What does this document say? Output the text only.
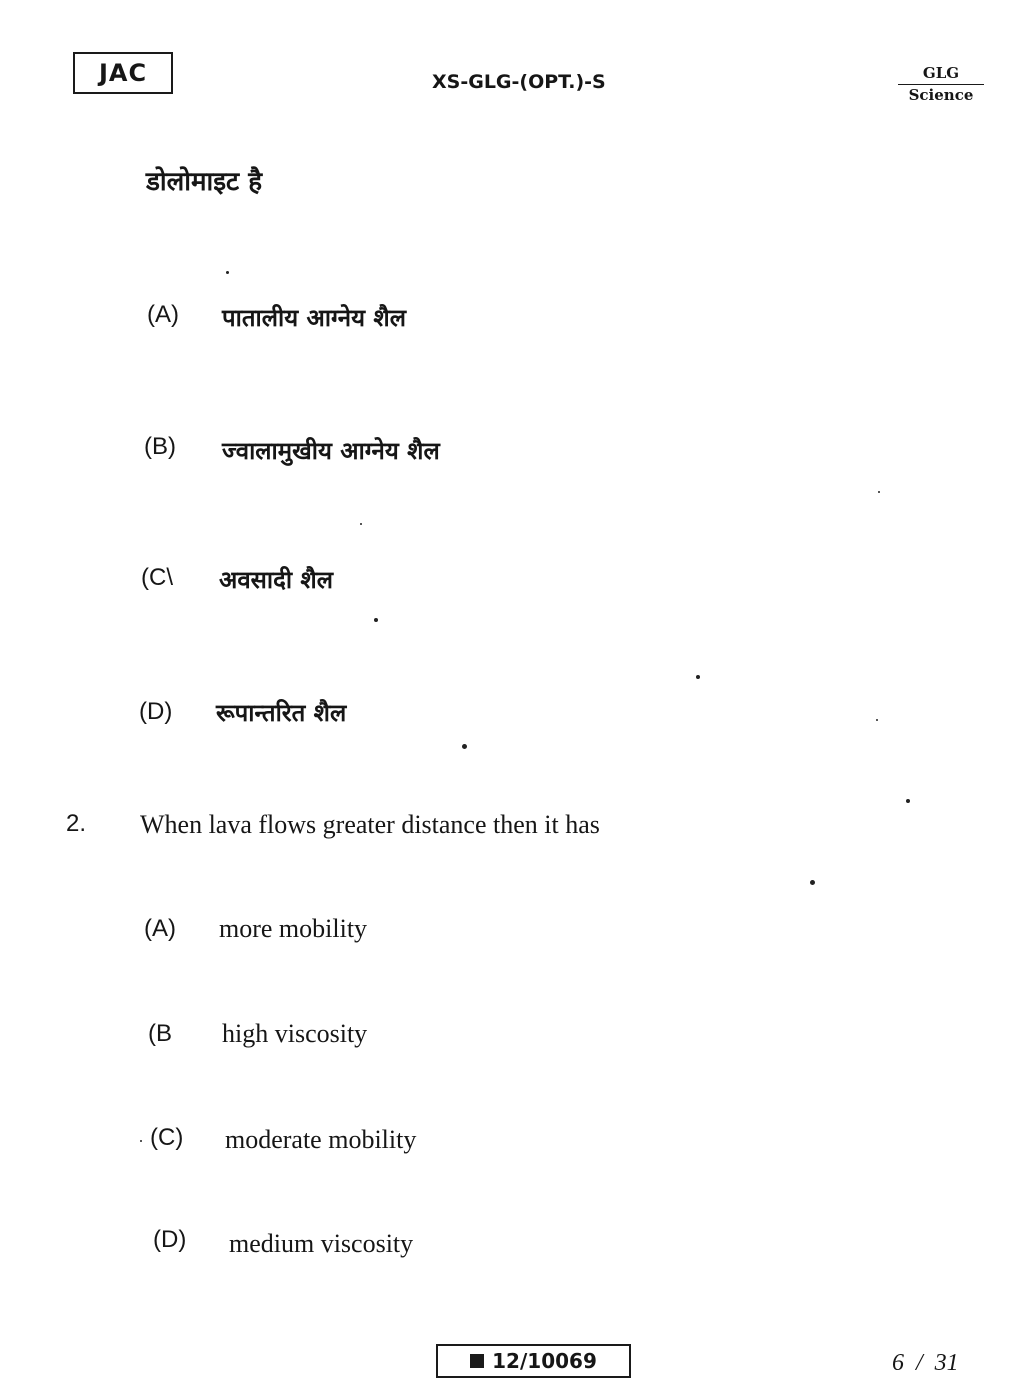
JAC	XS-GLG-(OPT.)-S	GLG
Science
डोलोमाइट है
(A) पातालीय आग्नेय शैल
(B) ज्वालामुखीय आग्नेय शैल
(C\ अवसादी शैल
(D) रूपान्तरित शैल
2. When lava flows greater distance then it has
(A) more mobility
(B high viscosity
(C) moderate mobility
(D) medium viscosity
12/10069	6 / 31
